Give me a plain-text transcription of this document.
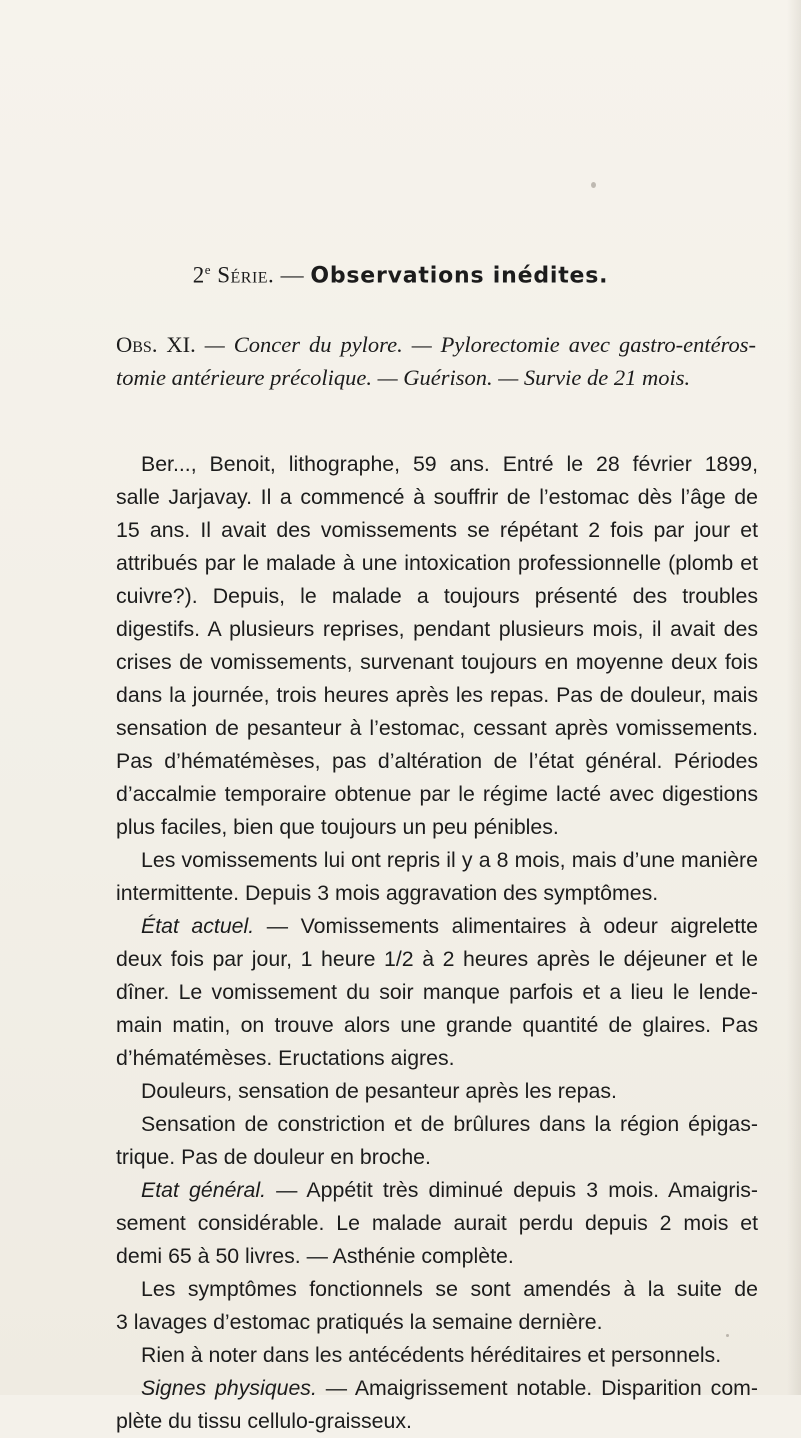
2e Série. — Observations inédites.
Obs. XI. — Concer du pylore. — Pylorectomie avec gastro-entéros-
tomie antérieure précolique. — Guérison. — Survie de 21 mois.
Ber..., Benoit, lithographe, 59 ans. Entré le 28 février 1899,
salle Jarjavay. Il a commencé à souffrir de l’estomac dès l’âge de
15 ans. Il avait des vomissements se répétant 2 fois par jour et
attribués par le malade à une intoxication professionnelle (plomb et
cuivre?). Depuis, le malade a toujours présenté des troubles
digestifs. A plusieurs reprises, pendant plusieurs mois, il avait des
crises de vomissements, survenant toujours en moyenne deux fois
dans la journée, trois heures après les repas. Pas de douleur, mais
sensation de pesanteur à l’estomac, cessant après vomissements.
Pas d’hématémèses, pas d’altération de l’état général. Périodes
d’accalmie temporaire obtenue par le régime lacté avec digestions
plus faciles, bien que toujours un peu pénibles.
Les vomissements lui ont repris il y a 8 mois, mais d’une manière
intermittente. Depuis 3 mois aggravation des symptômes.
État actuel. — Vomissements alimentaires à odeur aigrelette
deux fois par jour, 1 heure 1/2 à 2 heures après le déjeuner et le
dîner. Le vomissement du soir manque parfois et a lieu le lende-
main matin, on trouve alors une grande quantité de glaires. Pas
d’hématémèses. Eructations aigres.
Douleurs, sensation de pesanteur après les repas.
Sensation de constriction et de brûlures dans la région épigas-
trique. Pas de douleur en broche.
Etat général. — Appétit très diminué depuis 3 mois. Amaigris-
sement considérable. Le malade aurait perdu depuis 2 mois et
demi 65 à 50 livres. — Asthénie complète.
Les symptômes fonctionnels se sont amendés à la suite de
3 lavages d’estomac pratiqués la semaine dernière.
Rien à noter dans les antécédents héréditaires et personnels.
Signes physiques. — Amaigrissement notable. Disparition com-
plète du tissu cellulo-graisseux.
